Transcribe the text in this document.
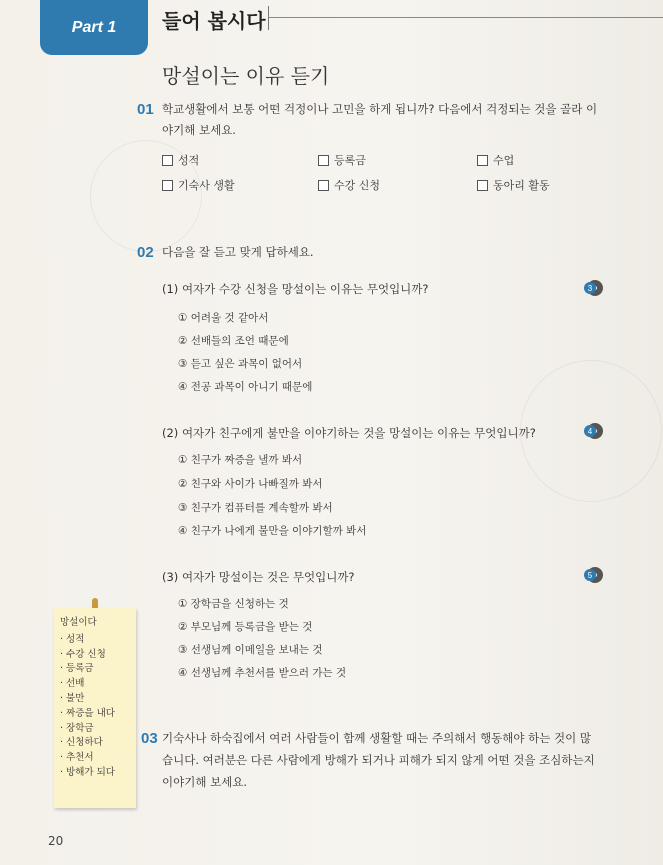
Part 1 들어 봅시다
망설이는 이유 듣기
01 학교생활에서 보통 어떤 걱정이나 고민을 하게 됩니까? 다음에서 걱정되는 것을 골라 이
야기해 보세요.
성적	등록금	수업
기숙사 생활	수강 신청	동아리 활동
02 다음을 잘 듣고 맞게 답하세요.
(1) 여자가 수강 신청을 망설이는 이유는 무엇입니까?	3
① 어려울 것 같아서
② 선배들의 조언 때문에
③ 듣고 싶은 과목이 없어서
④ 전공 과목이 아니기 때문에
(2) 여자가 친구에게 불만을 이야기하는 것을 망설이는 이유는 무엇입니까?	4
① 친구가 짜증을 낼까 봐서
② 친구와 사이가 나빠질까 봐서
③ 친구가 컴퓨터를 계속할까 봐서
④ 친구가 나에게 불만을 이야기할까 봐서
(3) 여자가 망설이는 것은 무엇입니까?	5
① 장학금을 신청하는 것
② 부모님께 등록금을 받는 것
③ 선생님께 이메일을 보내는 것
④ 선생님께 추천서를 받으러 가는 것
망설이다
· 성적
· 수강 신청
· 등록금
· 선배
· 불만
· 짜증을 내다
· 장학금
· 신청하다
· 추천서
· 방해가 되다
03 기숙사나 하숙집에서 여러 사람들이 함께 생활할 때는 주의해서 행동해야 하는 것이 많
습니다. 여러분은 다른 사람에게 방해가 되거나 피해가 되지 않게 어떤 것을 조심하는지
이야기해 보세요.
20
